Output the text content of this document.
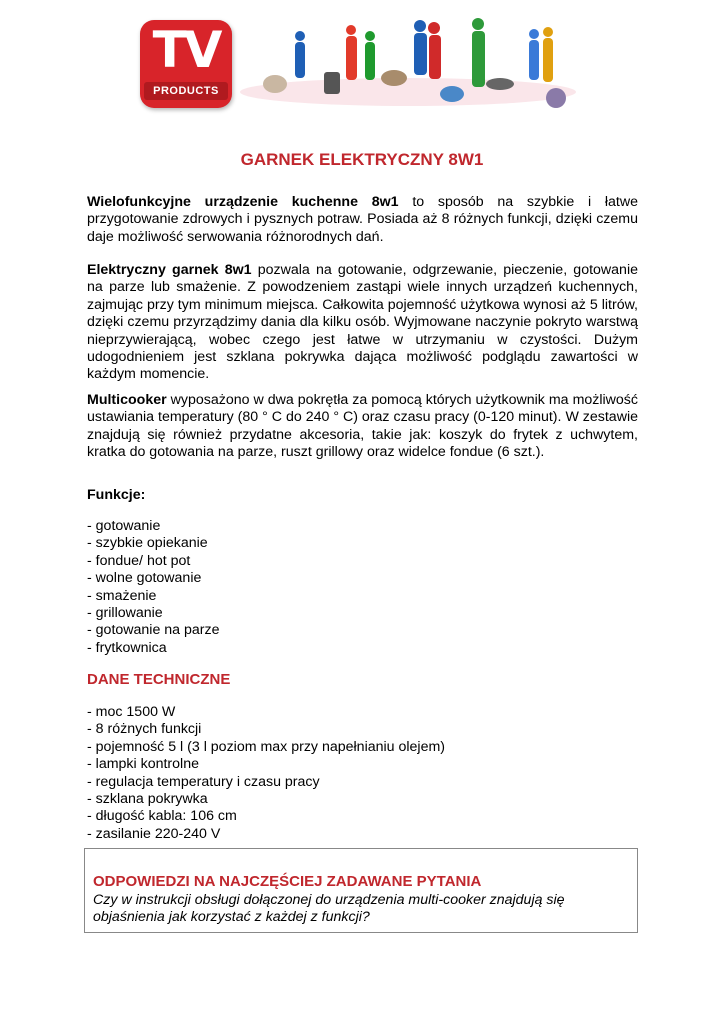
TV
PRODUCTS
GARNEK ELEKTRYCZNY 8W1

Wielofunkcyjne urządzenie kuchenne 8w1 to sposób na szybkie i łatwe przygotowanie zdrowych i pysznych potraw. Posiada aż 8 różnych funkcji, dzięki czemu daje możliwość serwowania różnorodnych dań.

Elektryczny garnek 8w1 pozwala na gotowanie, odgrzewanie, pieczenie, gotowanie na parze lub smażenie. Z powodzeniem zastąpi wiele innych urządzeń kuchennych, zajmując przy tym minimum miejsca. Całkowita pojemność użytkowa wynosi aż 5 litrów, dzięki czemu przyrządzimy dania dla kilku osób. Wyjmowane naczynie pokryto warstwą nieprzywierającą, wobec czego jest łatwe w utrzymaniu w czystości. Dużym udogodnieniem jest szklana pokrywka dająca możliwość podglądu zawartości w każdym momencie.

Multicooker wyposażono w dwa pokrętła za pomocą których użytkownik ma możliwość ustawiania temperatury (80 ° C do 240 ° C) oraz czasu pracy (0-120 minut). W zestawie znajdują się również przydatne akcesoria, takie jak: koszyk do frytek z uchwytem, kratka do gotowania na parze, ruszt grillowy oraz widelce fondue (6 szt.).

Funkcje:

- gotowanie
- szybkie opiekanie
- fondue/ hot pot
- wolne gotowanie
- smażenie
- grillowanie
- gotowanie na parze
- frytkownica
DANE TECHNICZNE
- moc 1500 W
- 8 różnych funkcji
- pojemność 5 l (3 l poziom max przy napełnianiu olejem)
- lampki kontrolne
- regulacja temperatury i czasu pracy
- szklana pokrywka
- długość kabla: 106 cm
- zasilanie 220-240 V
ODPOWIEDZI NA NAJCZĘŚCIEJ ZADAWANE PYTANIA

Czy w instrukcji obsługi dołączonej do urządzenia multi-cooker znajdują się objaśnienia jak korzystać z każdej z funkcji?
